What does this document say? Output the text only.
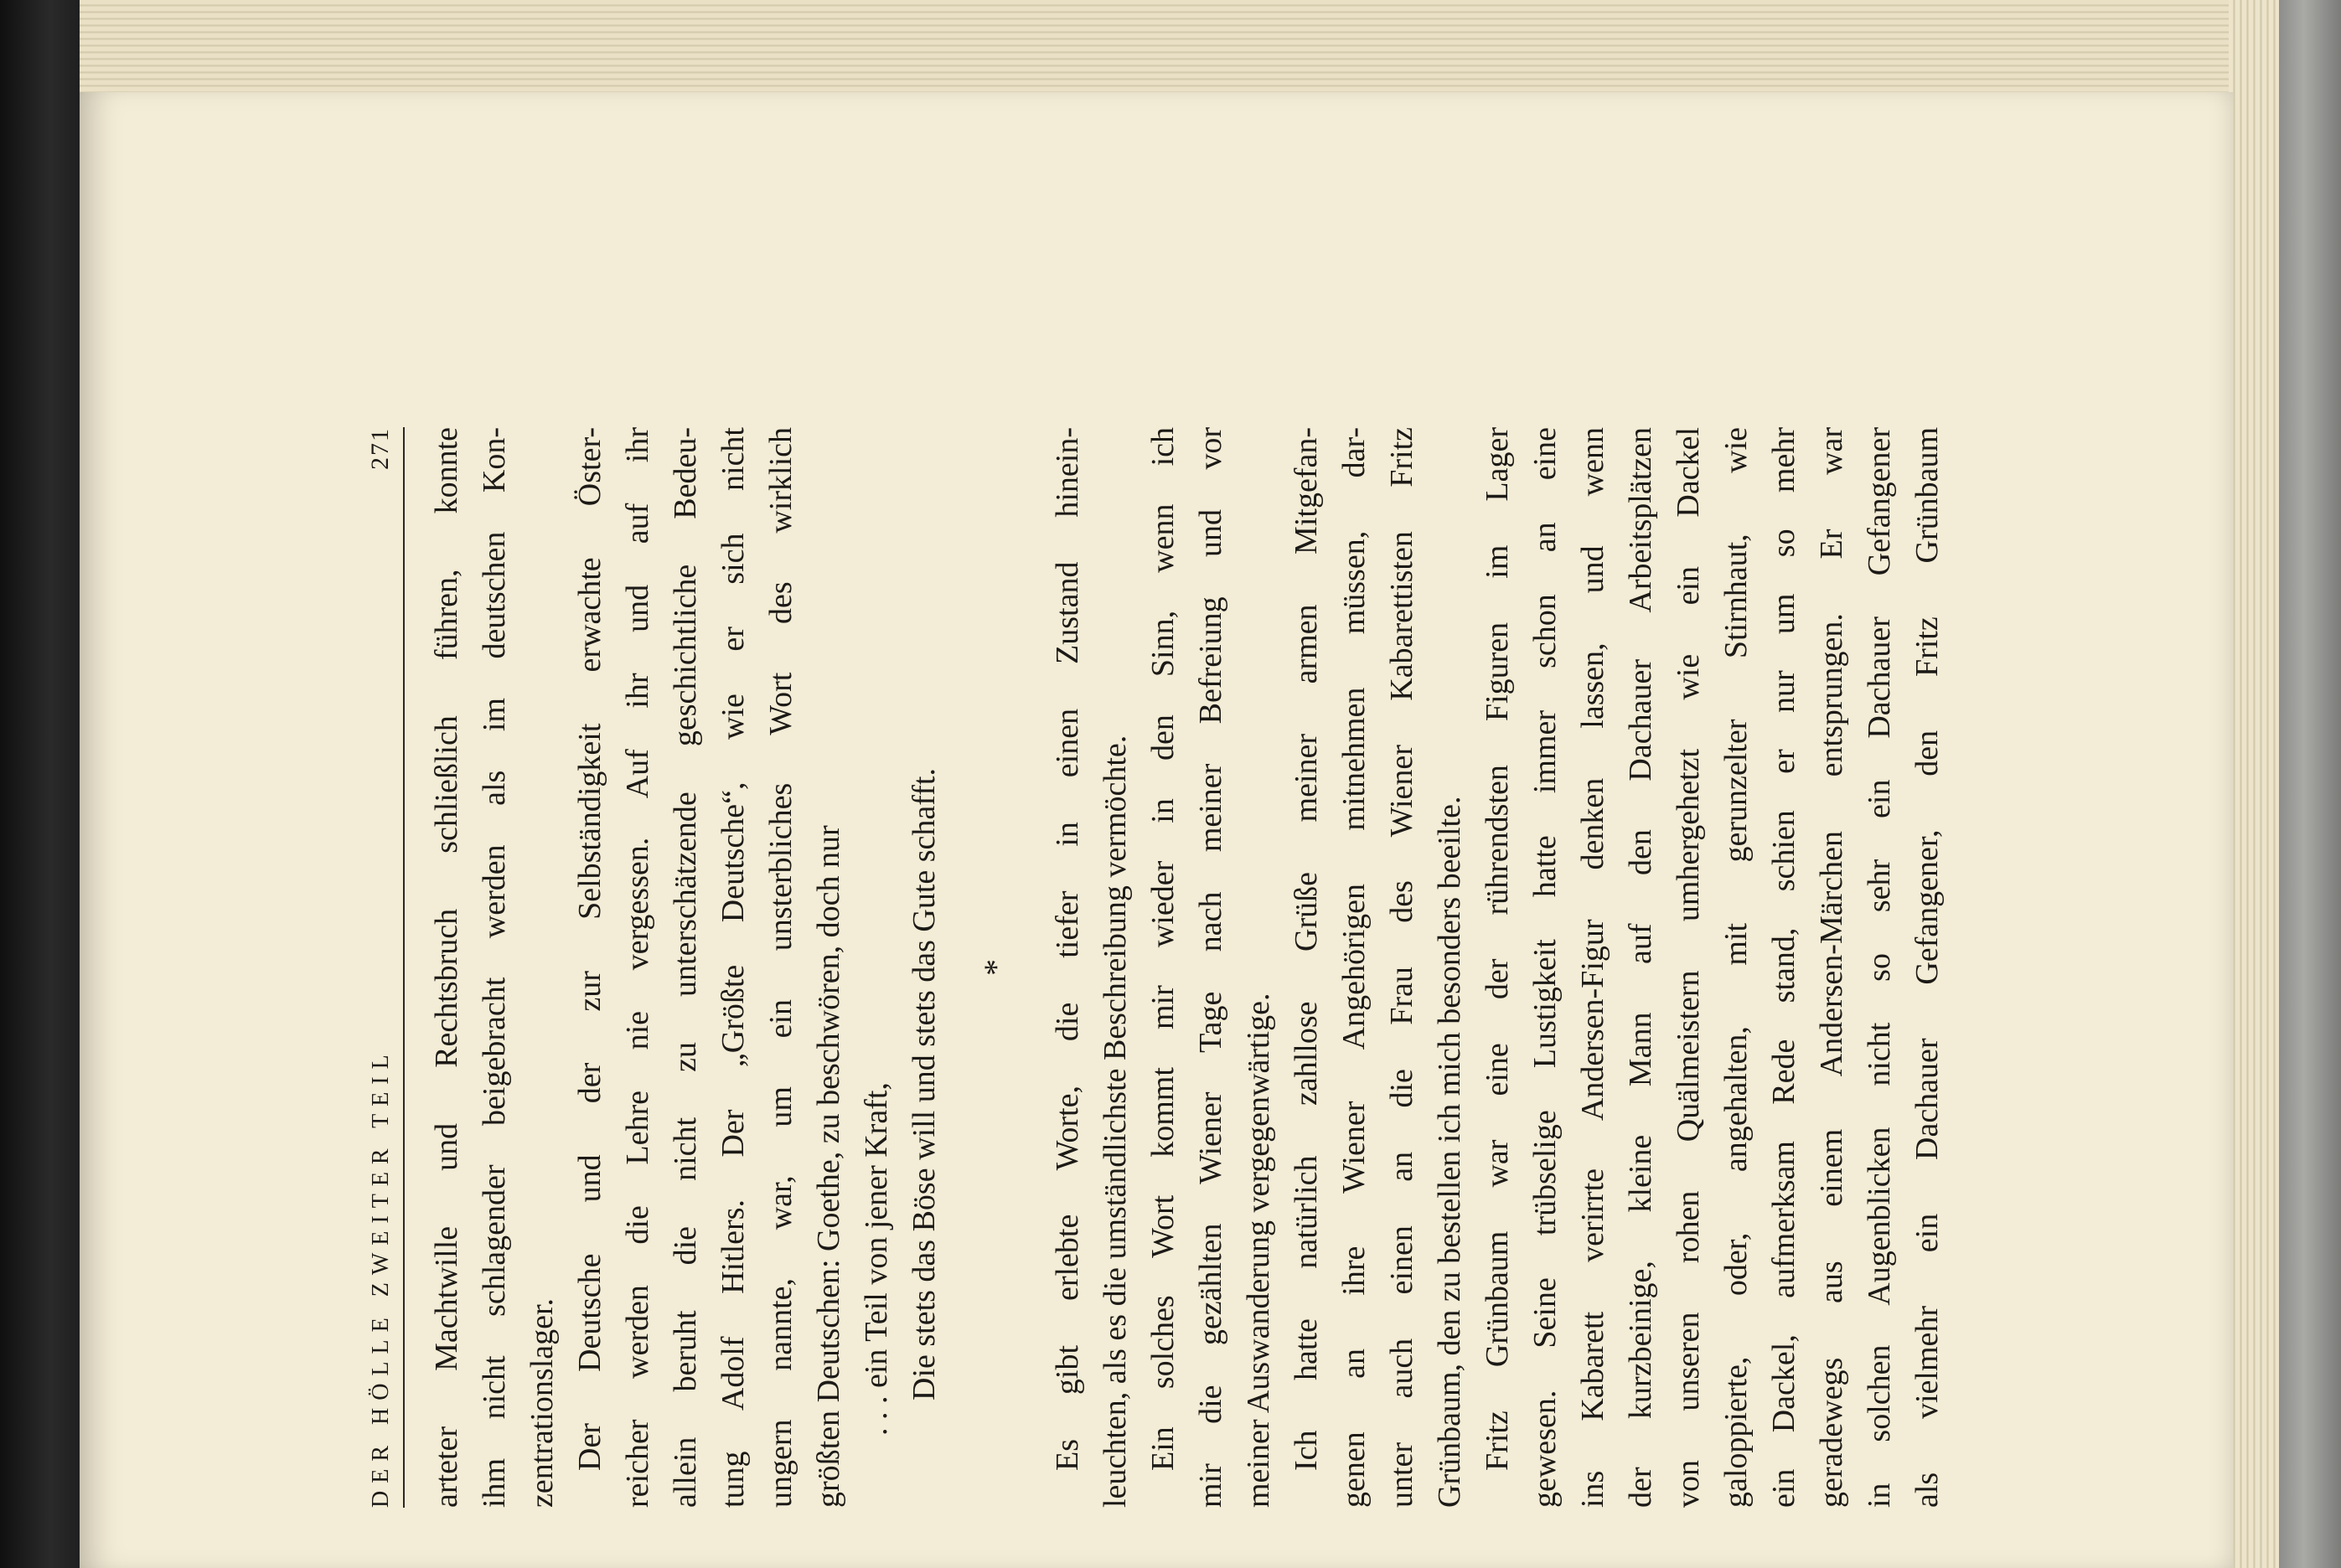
DER HÖLLE ZWEITER TEIL
271 arteter Machtwille und Rechtsbruch schließlich führen, konnte ihm nicht schlagender beigebracht werden als im deutschen Kon- zentrationslager. Der Deutsche und der zur Selbständigkeit erwachte Öster- reicher werden die Lehre nie vergessen. Auf ihr und auf ihr allein beruht die nicht zu unterschätzende geschichtliche Bedeu- tung Adolf Hitlers. Der „Größte Deutsche“, wie er sich nicht ungern nannte, war, um ein unsterbliches Wort des wirklich größten Deutschen: Goethe, zu beschwören, doch nur . . . ein Teil von jener Kraft, Die stets das Böse will und stets das Gute schafft.	*	Es gibt erlebte Worte, die tiefer in einen Zustand hinein- leuchten, als es die umständlichste Beschreibung vermöchte. Ein solches Wort kommt mir wieder in den Sinn, wenn ich mir die gezählten Wiener Tage nach meiner Befreiung und vor meiner Auswanderung vergegenwärtige. Ich hatte natürlich zahllose Grüße meiner armen Mitgefan- genen an ihre Wiener Angehörigen mitnehmen müssen, dar- unter auch einen an die Frau des Wiener Kabarettisten Fritz Grünbaum, den zu bestellen ich mich besonders beeilte. Fritz Grünbaum war eine der rührendsten Figuren im Lager gewesen. Seine trübselige Lustigkeit hatte immer schon an eine ins Kabarett verirrte Andersen-Figur denken lassen, und wenn der kurzbeinige, kleine Mann auf den Dachauer Arbeitsplätzen von unseren rohen Quälmeistern umhergehetzt wie ein Dackel galoppierte, oder, angehalten, mit gerunzelter Stirnhaut, wie ein Dackel, aufmerksam Rede stand, schien er nur um so mehr geradewegs aus einem Andersen-Märchen entsprungen. Er war in solchen Augenblicken nicht so sehr ein Dachauer Gefangener als vielmehr ein Dachauer Gefangener, den Fritz Grünbaum
